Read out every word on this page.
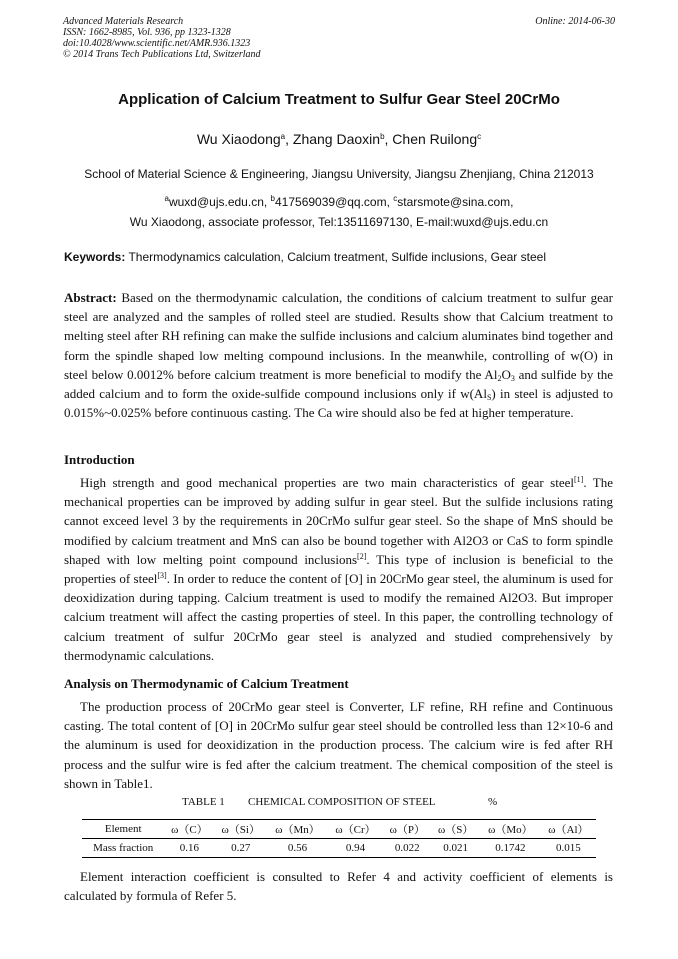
Advanced Materials Research
ISSN: 1662-8985, Vol. 936, pp 1323-1328
doi:10.4028/www.scientific.net/AMR.936.1323
© 2014 Trans Tech Publications Ltd, Switzerland
Online: 2014-06-30
Application of Calcium Treatment to Sulfur Gear Steel 20CrMo
Wu Xiaodong$^a$, Zhang Daoxin$^b$, Chen Ruilong$^c$
School of Material Science & Engineering, Jiangsu University, Jiangsu Zhenjiang, China 212013
$^a$wuxd@ujs.edu.cn, $^b$417569039@qq.com, $^c$starsmote@sina.com,
Wu Xiaodong, associate professor, Tel:13511697130, E-mail:wuxd@ujs.edu.cn
Keywords: Thermodynamics calculation, Calcium treatment, Sulfide inclusions, Gear steel
Abstract: Based on the thermodynamic calculation, the conditions of calcium treatment to sulfur gear steel are analyzed and the samples of rolled steel are studied. Results show that Calcium treatment to melting steel after RH refining can make the sulfide inclusions and calcium aluminates bind together and form the spindle shaped low melting compound inclusions. In the meanwhile, controlling of w(O) in steel below 0.0012% before calcium treatment is more beneficial to modify the $Al_2O_3$ and sulfide by the added calcium and to form the oxide-sulfide compound inclusions only if $w(Al_S)$ in steel is adjusted to 0.015%~0.025% before continuous casting. The Ca wire should also be fed at higher temperature.
Introduction
High strength and good mechanical properties are two main characteristics of gear steel[1]. The mechanical properties can be improved by adding sulfur in gear steel. But the sulfide inclusions rating cannot exceed level 3 by the requirements in 20CrMo sulfur gear steel. So the shape of MnS should be modified by calcium treatment and MnS can also be bound together with Al2O3 or CaS to form spindle shaped with low melting point compound inclusions[2]. This type of inclusion is beneficial to the properties of steel[3]. In order to reduce the content of [O] in 20CrMo gear steel, the aluminum is used for deoxidization during tapping. Calcium treatment is used to modify the remained Al2O3. But improper calcium treatment will affect the casting properties of steel. In this paper, the controlling technology of calcium treatment of sulfur 20CrMo gear steel is analyzed and studied comprehensively by thermodynamic calculations.
Analysis on Thermodynamic of Calcium Treatment
The production process of 20CrMo gear steel is Converter, LF refine, RH refine and Continuous casting. The total content of [O] in 20CrMo sulfur gear steel should be controlled less than 12×10-6 and the aluminum is used for deoxidization in the production process. The calcium wire is fed after RH process and the sulfur wire is fed after the calcium treatment. The chemical composition of the steel is shown in Table1.
TABLE 1	CHEMICAL COMPOSITION OF STEEL	%
Element	ω（C）	ω（Si）	ω（Mn）	ω（Cr）	ω（P）	ω（S）	ω（Mo）	ω（Al）
Mass fraction	0.16	0.27	0.56	0.94	0.022	0.021	0.1742	0.015
Element interaction coefficient is consulted to Refer 4 and activity coefficient of elements is calculated by formula of Refer 5.
